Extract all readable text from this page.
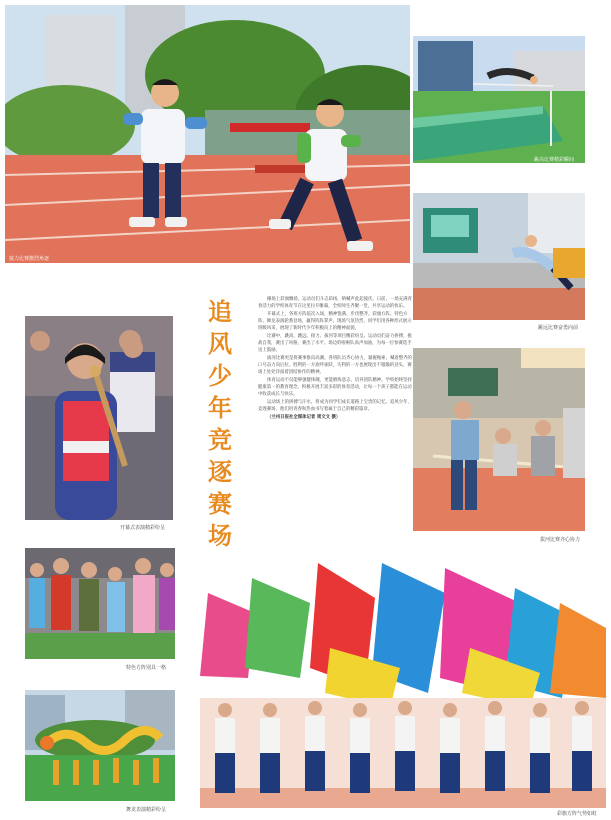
接力比赛激烈角逐
跳高比赛精彩瞬间
跳远比赛奋勇向前
开幕式表演精彩纷呈
追
风
少
年
竞
逐
赛
场

操场上彩旗飘扬，运动员们斗志昂扬，呐喊声此起彼伏。日前，一场充满青春活力的学校体育节在这里拉开帷幕，全校师生齐聚一堂，共享运动的快乐。

开幕式上，各班方阵依次入场，精神饱满、步伐整齐。彩旗方阵、特色方阵、舞龙表演轮番登场，赢得阵阵掌声。现场气氛热烈，同学们用各种形式展示班级风采，展现了新时代少年积极向上的精神面貌。

比赛中，跳高、跳远、接力、拔河等项目精彩纷呈。运动员们奋力拼搏，挑战自我，赛出了风格，赛出了水平。场边的啦啦队高声加油，为每一位参赛选手送上鼓励。

拔河比赛更是将赛事推向高潮。各班队员齐心协力，紧握绳索，喊着整齐的口号奋力向后拉。胜利的一方欢呼雀跃，失利的一方也展现出不服输的劲头，赛场上处处洋溢着团结协作的精神。

体育运动不仅能够强健体魄，更能磨炼意志、培养团队精神。学校始终坚持健康第一的教育理念，积极开展丰富多彩的体育活动，让每一个孩子都能在运动中收获成长与快乐。

运动场上的拼搏与汗水，将成为同学们成长道路上宝贵的记忆。追风少年，竞逐赛场，他们用青春和热血书写着属于自己的精彩篇章。

（兰州日报社全媒体记者 周文文 摄）

拔河比赛齐心协力
特色方阵别具一格
舞龙表演精彩纷呈
彩旗方阵气势如虹
